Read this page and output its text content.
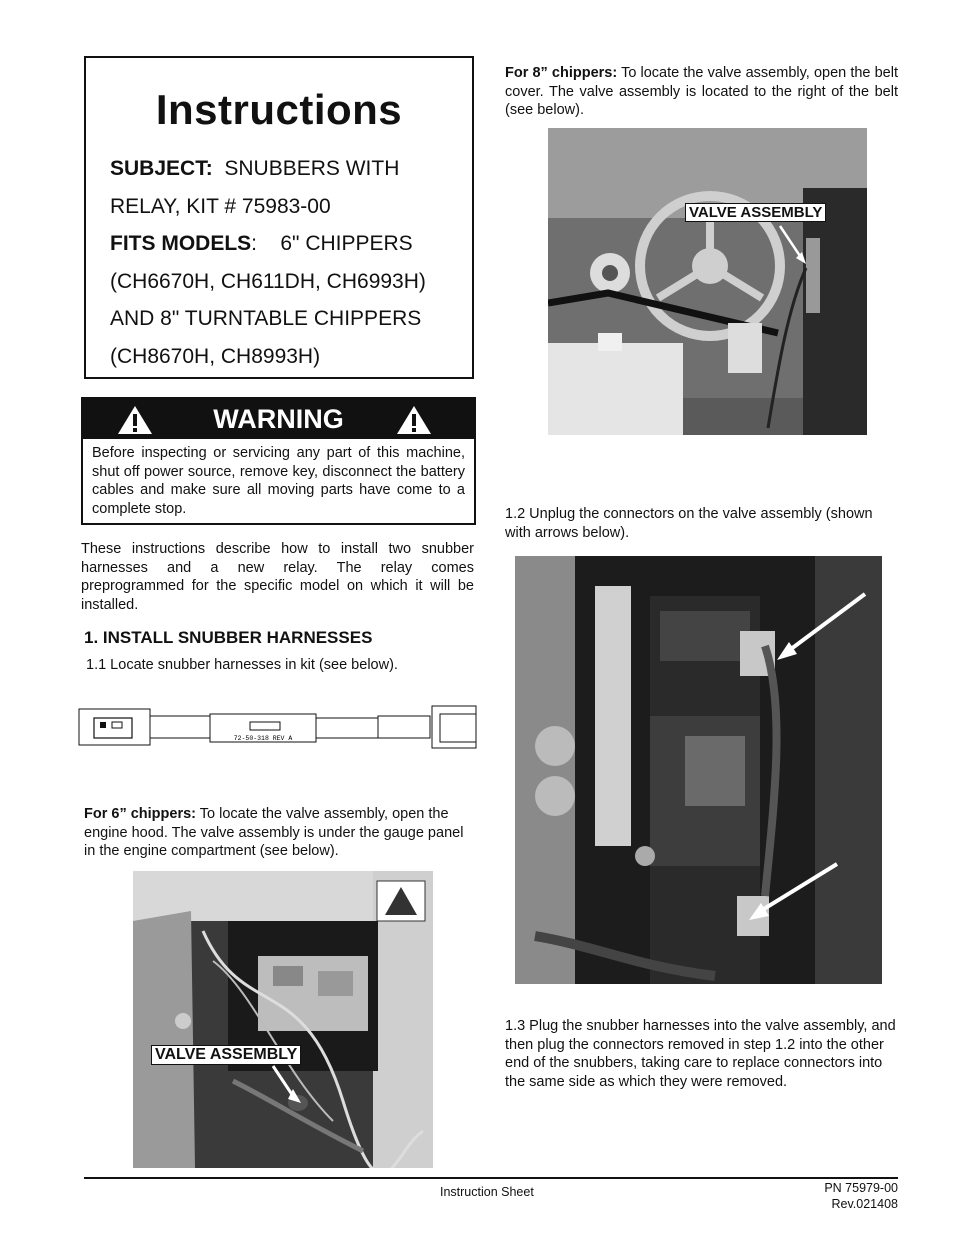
Instructions
SUBJECT: SNUBBERS WITH
RELAY, KIT # 75983-00
FITS MODELS: 6" CHIPPERS
(CH6670H, CH611DH, CH6993H)
AND 8" TURNTABLE CHIPPERS
(CH8670H, CH8993H)
WARNING
Before inspecting or servicing any part of this machine, shut off power source, remove key, disconnect the battery cables and make sure all moving parts have come to a complete stop.
These instructions describe how to install two snubber harnesses and a new relay. The relay comes preprogrammed for the specific model on which it will be installed.
1. INSTALL SNUBBER HARNESSES
1.1 Locate snubber harnesses in kit (see below).
72-50-318 REV A
For 6” chippers: To locate the valve assembly, open the engine hood. The valve assembly is under the gauge panel in the engine compartment (see below).
VALVE ASSEMBLY
For 8” chippers: To locate the valve assembly, open the belt cover. The valve assembly is located to the right of the belt (see below).
VALVE ASSEMBLY
1.2 Unplug the connectors on the valve assembly (shown with arrows below).
1.3 Plug the snubber harnesses into the valve assembly, and then plug the connectors removed in step 1.2 into the other end of the snubbers, taking care to replace connectors into the same side as which they were removed.
Instruction Sheet	PN 75979-00
Rev.021408
